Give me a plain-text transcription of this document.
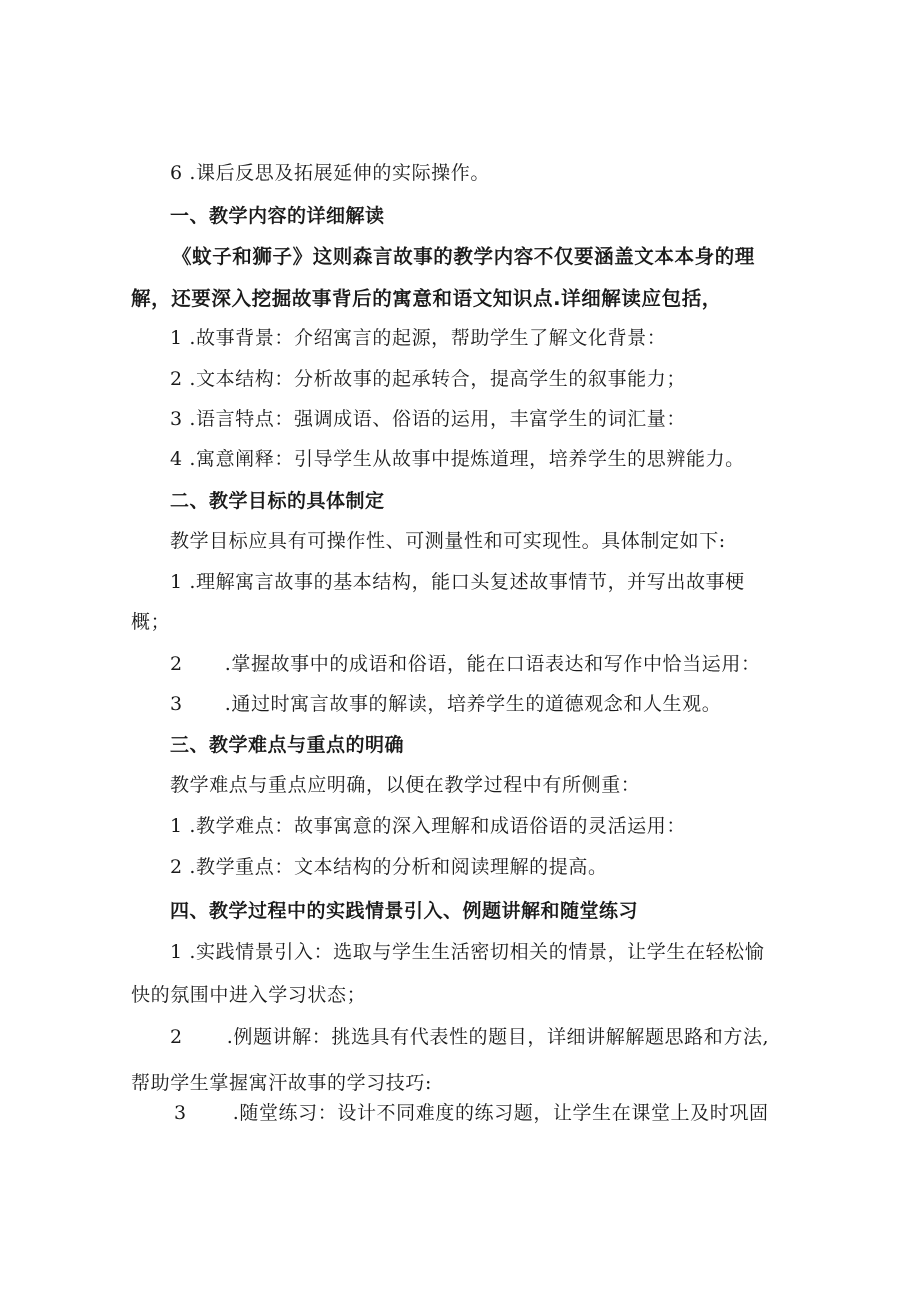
6 .课后反思及拓展延伸的实际操作。
一、教学内容的详细解读
《蚊子和狮子》这则森言故事的教学内容不仅要涵盖文本本身的理
解，还要深入挖掘故事背后的寓意和语文知识点.详细解读应包括，
1 .故事背景：介绍寓言的起源，帮助学生了解文化背景：
2 .文本结构：分析故事的起承转合，提高学生的叙事能力；
3 .语言特点：强调成语、俗语的运用，丰富学生的词汇量：
4 .寓意阐释：引导学生从故事中提炼道理，培养学生的思辨能力。
二、教学目标的具体制定
教学目标应具有可操作性、可测量性和可实现性。具体制定如下:
1 .理解寓言故事的基本结构，能口头复述故事情节，并写出故事梗
概；
2 .掌握故事中的成语和俗语，能在口语表达和写作中恰当运用：
3 .通过时寓言故事的解读，培养学生的道德观念和人生观。
三、教学难点与重点的明确
教学难点与重点应明确，以便在教学过程中有所侧重：
1 .教学难点：故事寓意的深入理解和成语俗语的灵活运用：
2 .教学重点：文本结构的分析和阅读理解的提高。
四、教学过程中的实践情景引入、例题讲解和随堂练习
1 .实践情景引入：选取与学生生活密切相关的情景，让学生在轻松愉
快的氛围中进入学习状态；
2 .例题讲解：挑选具有代表性的题目，详细讲解解题思路和方法,
帮助学生掌握寓汗故事的学习技巧:
3 .随堂练习：设计不同难度的练习题，让学生在课堂上及时巩固
